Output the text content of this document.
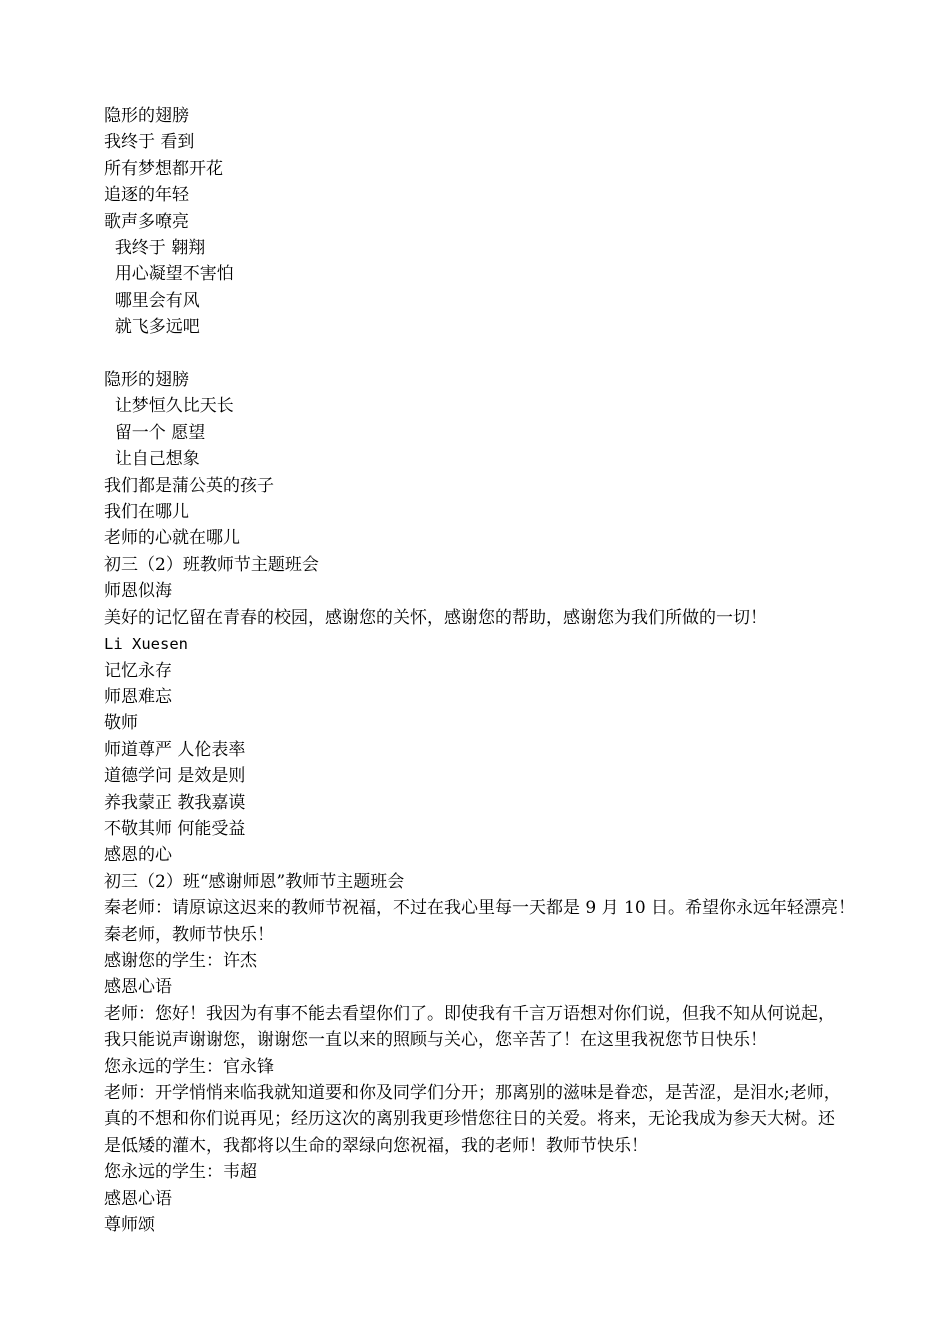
隐形的翅膀

我终于 看到

所有梦想都开花

追逐的年轻

歌声多嘹亮

我终于 翱翔

用心凝望不害怕

哪里会有风

就飞多远吧

隐形的翅膀

让梦恒久比天长

留一个 愿望

让自己想象

我们都是蒲公英的孩子

我们在哪儿

老师的心就在哪儿

初三（2）班教师节主题班会

师恩似海

美好的记忆留在青春的校园，感谢您的关怀，感谢您的帮助，感谢您为我们所做的一切！

Li Xuesen

记忆永存

师恩难忘

敬师

师道尊严 人伦表率

道德学问 是效是则

养我蒙正 教我嘉谟

不敬其师 何能受益

感恩的心

初三（2）班“感谢师恩”教师节主题班会

秦老师：请原谅这迟来的教师节祝福，不过在我心里每一天都是 9 月 10 日。希望你永远年轻漂亮！

秦老师，教师节快乐！

感谢您的学生：许杰

感恩心语

老师：您好！我因为有事不能去看望你们了。即使我有千言万语想对你们说，但我不知从何说起，

我只能说声谢谢您，谢谢您一直以来的照顾与关心，您辛苦了！在这里我祝您节日快乐！

您永远的学生：官永锋

老师：开学悄悄来临我就知道要和你及同学们分开；那离别的滋味是眷恋，是苦涩，是泪水;老师，

真的不想和你们说再见；经历这次的离别我更珍惜您往日的关爱。将来，无论我成为参天大树。还

是低矮的灌木，我都将以生命的翠绿向您祝福，我的老师！教师节快乐！

您永远的学生：韦超

感恩心语

尊师颂
